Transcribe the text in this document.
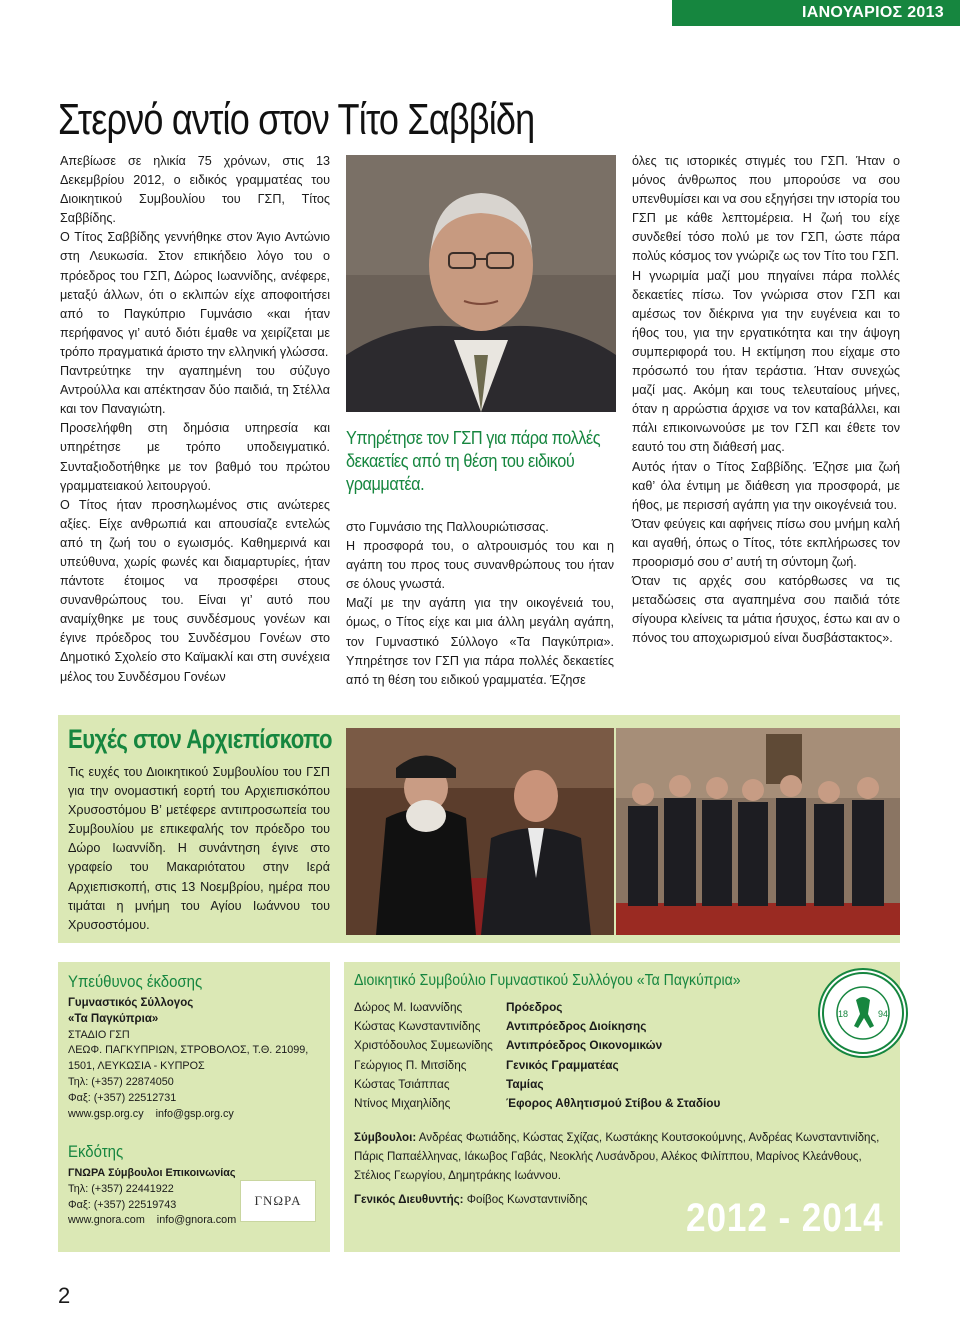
ΙΑΝΟΥΑΡΙΟΣ 2013
Στερνό αντίο στον Τίτο Σαββίδη

Απεβίωσε σε ηλικία 75 χρόνων, στις 13 Δεκεμβρίου 2012, ο ειδικός γραμματέας του Διοικητικού Συμβουλίου του ΓΣΠ, Τίτος Σαββίδης.

Ο Τίτος Σαββίδης γεννήθηκε στον Άγιο Αντώνιο στη Λευκωσία. Στον επικήδειο λόγο του ο πρόεδρος του ΓΣΠ, Δώρος Ιωαννίδης, ανέφερε, μεταξύ άλλων, ότι ο εκλιπών είχε αποφοιτήσει από το Παγκύπριο Γυμνάσιο «και ήταν περήφανος γι’ αυτό διότι έμαθε να χειρίζεται με τρόπο πραγματικά άριστο την ελληνική γλώσσα.

Παντρεύτηκε την αγαπημένη του σύζυγο Αντρούλλα και απέκτησαν δύο παιδιά, τη Στέλλα και τον Παναγιώτη.

Προσελήφθη στη δημόσια υπηρεσία και υπηρέτησε με τρόπο υποδειγματικό. Συνταξιοδοτήθηκε με τον βαθμό του πρώτου γραμματειακού λειτουργού.

Ο Τίτος ήταν προσηλωμένος στις ανώτερες αξίες. Είχε ανθρωπιά και απουσίαζε εντελώς από τη ζωή του ο εγωισμός. Καθημερινά και υπεύθυνα, χωρίς φωνές και διαμαρτυρίες, ήταν πάντοτε έτοιμος να προσφέρει στους συνανθρώπους του. Είναι γι’ αυτό που αναμίχθηκε με τους συνδέσμους γονέων και έγινε πρόεδρος του Συνδέσμου Γονέων στο Δημοτικό Σχολείο στο Καϊμακλί και στη συνέχεια μέλος του Συνδέσμου Γονέων

Υπηρέτησε τον ΓΣΠ για πάρα πολλές δεκαετίες από τη θέση του ειδικού γραμματέα.

στο Γυμνάσιο της Παλλουριώτισσας.

Η προσφορά του, ο αλτρουισμός του και η αγάπη του προς τους συνανθρώπους του ήταν σε όλους γνωστά.

Μαζί με την αγάπη για την οικογένειά του, όμως, ο Τίτος είχε και μια άλλη μεγάλη αγάπη, τον Γυμναστικό Σύλλογο «Τα Παγκύπρια». Υπηρέτησε τον ΓΣΠ για πάρα πολλές δεκαετίες από τη θέση του ειδικού γραμματέα. Έζησε

όλες τις ιστορικές στιγμές του ΓΣΠ. Ήταν ο μόνος άνθρωπος που μπορούσε να σου υπενθυμίσει και να σου εξηγήσει την ιστορία του ΓΣΠ με κάθε λεπτομέρεια. Η ζωή του είχε συνδεθεί τόσο πολύ με τον ΓΣΠ, ώστε πάρα πολύς κόσμος τον γνώριζε ως τον Τίτο του ΓΣΠ.

Η γνωριμία μαζί μου πηγαίνει πάρα πολλές δεκαετίες πίσω. Τον γνώρισα στον ΓΣΠ και αμέσως τον διέκρινα για την ευγένεια και το ήθος του, για την εργατικότητα και την άψογη συμπεριφορά του. Η εκτίμηση που είχαμε στο πρόσωπό του ήταν τεράστια. Ήταν συνεχώς μαζί μας. Ακόμη και τους τελευταίους μήνες, όταν η αρρώστια άρχισε να τον καταβάλλει, και πάλι επικοινωνούσε με τον ΓΣΠ και έθετε τον εαυτό του στη διάθεσή μας.

Αυτός ήταν ο Τίτος Σαββίδης. Έζησε μια ζωή καθ’ όλα έντιμη με διάθεση για προσφορά, με ήθος, με περισσή αγάπη για την οικογένειά του.

Όταν φεύγεις και αφήνεις πίσω σου μνήμη καλή και αγαθή, όπως ο Τίτος, τότε εκπλήρωσες τον προορισμό σου σ’ αυτή τη σύντομη ζωή.

Όταν τις αρχές σου κατόρθωσες να τις μεταδώσεις στα αγαπημένα σου παιδιά τότε σίγουρα κλείνεις τα μάτια ήσυχος, έστω και αν ο πόνος του αποχωρισμού είναι δυσβάστακτος».

Ευχές στον Αρχιεπίσκοπο

Τις ευχές του Διοικητικού Συμβουλίου του ΓΣΠ για την ονομαστική εορτή του Αρχιεπισκόπου Χρυσοστόμου Β’ μετέφερε αντιπροσωπεία του Συμβουλίου με επικεφαλής τον πρόεδρο του Δώρο Ιωαννίδη. Η συνάντηση έγινε στο γραφείο του Μακαριότατου στην Ιερά Αρχιεπισκοπή, στις 13 Νοεμβρίου, ημέρα που τιμάται η μνήμη του Αγίου Ιωάννου του Χρυσοστόμου.

Υπεύθυνος έκδοσης
Γυμναστικός Σύλλογος
«Τα Παγκύπρια»
ΣΤΑΔΙΟ ΓΣΠ
ΛΕΩΦ. ΠΑΓΚΥΠΡΙΩΝ, ΣΤΡΟΒΟΛΟΣ, Τ.Θ. 21099,
1501, ΛΕΥΚΩΣΙΑ - ΚΥΠΡΟΣ
Τηλ: (+357) 22874050
Φαξ: (+357) 22512731
www.gsp.org.cy    info@gsp.org.cy
Εκδότης
ΓΝΩΡΑ Σύμβουλοι Επικοινωνίας
Τηλ: (+357) 22441922
Φαξ: (+357) 22519743
www.gnora.com    info@gnora.com
ΓΝΩΡΑ
Διοικητικό Συμβούλιο Γυμναστικού Συλλόγου «Τα Παγκύπρια»
Δώρος Μ. Ιωαννίδης	Πρόεδρος
Κώστας Κωνσταντινίδης	Αντιπρόεδρος Διοίκησης
Χριστόδουλος Συμεωνίδης	Αντιπρόεδρος Οικονομικών
Γεώργιος Π. Μιτσίδης	Γενικός Γραμματέας
Κώστας Τσιάππας	Ταμίας
Ντίνος Μιχαηλίδης	Έφορος Αθλητισμού Στίβου & Σταδίου
18	94
Σύμβουλοι: Ανδρέας Φωτιάδης, Κώστας Σχίζας, Κωστάκης Κουτσοκούμνης, Ανδρέας Κωνσταντινίδης, Πάρις Παπαέλληνας, Ιάκωβος Γαβάς, Νεοκλής Λυσάνδρου, Αλέκος Φιλίππου, Μαρίνος Κλεάνθους, Στέλιος Γεωργίου, Δημητράκης Ιωάννου.
Γενικός Διευθυντής: Φοίβος Κωνσταντινίδης	2012 - 2014
2
